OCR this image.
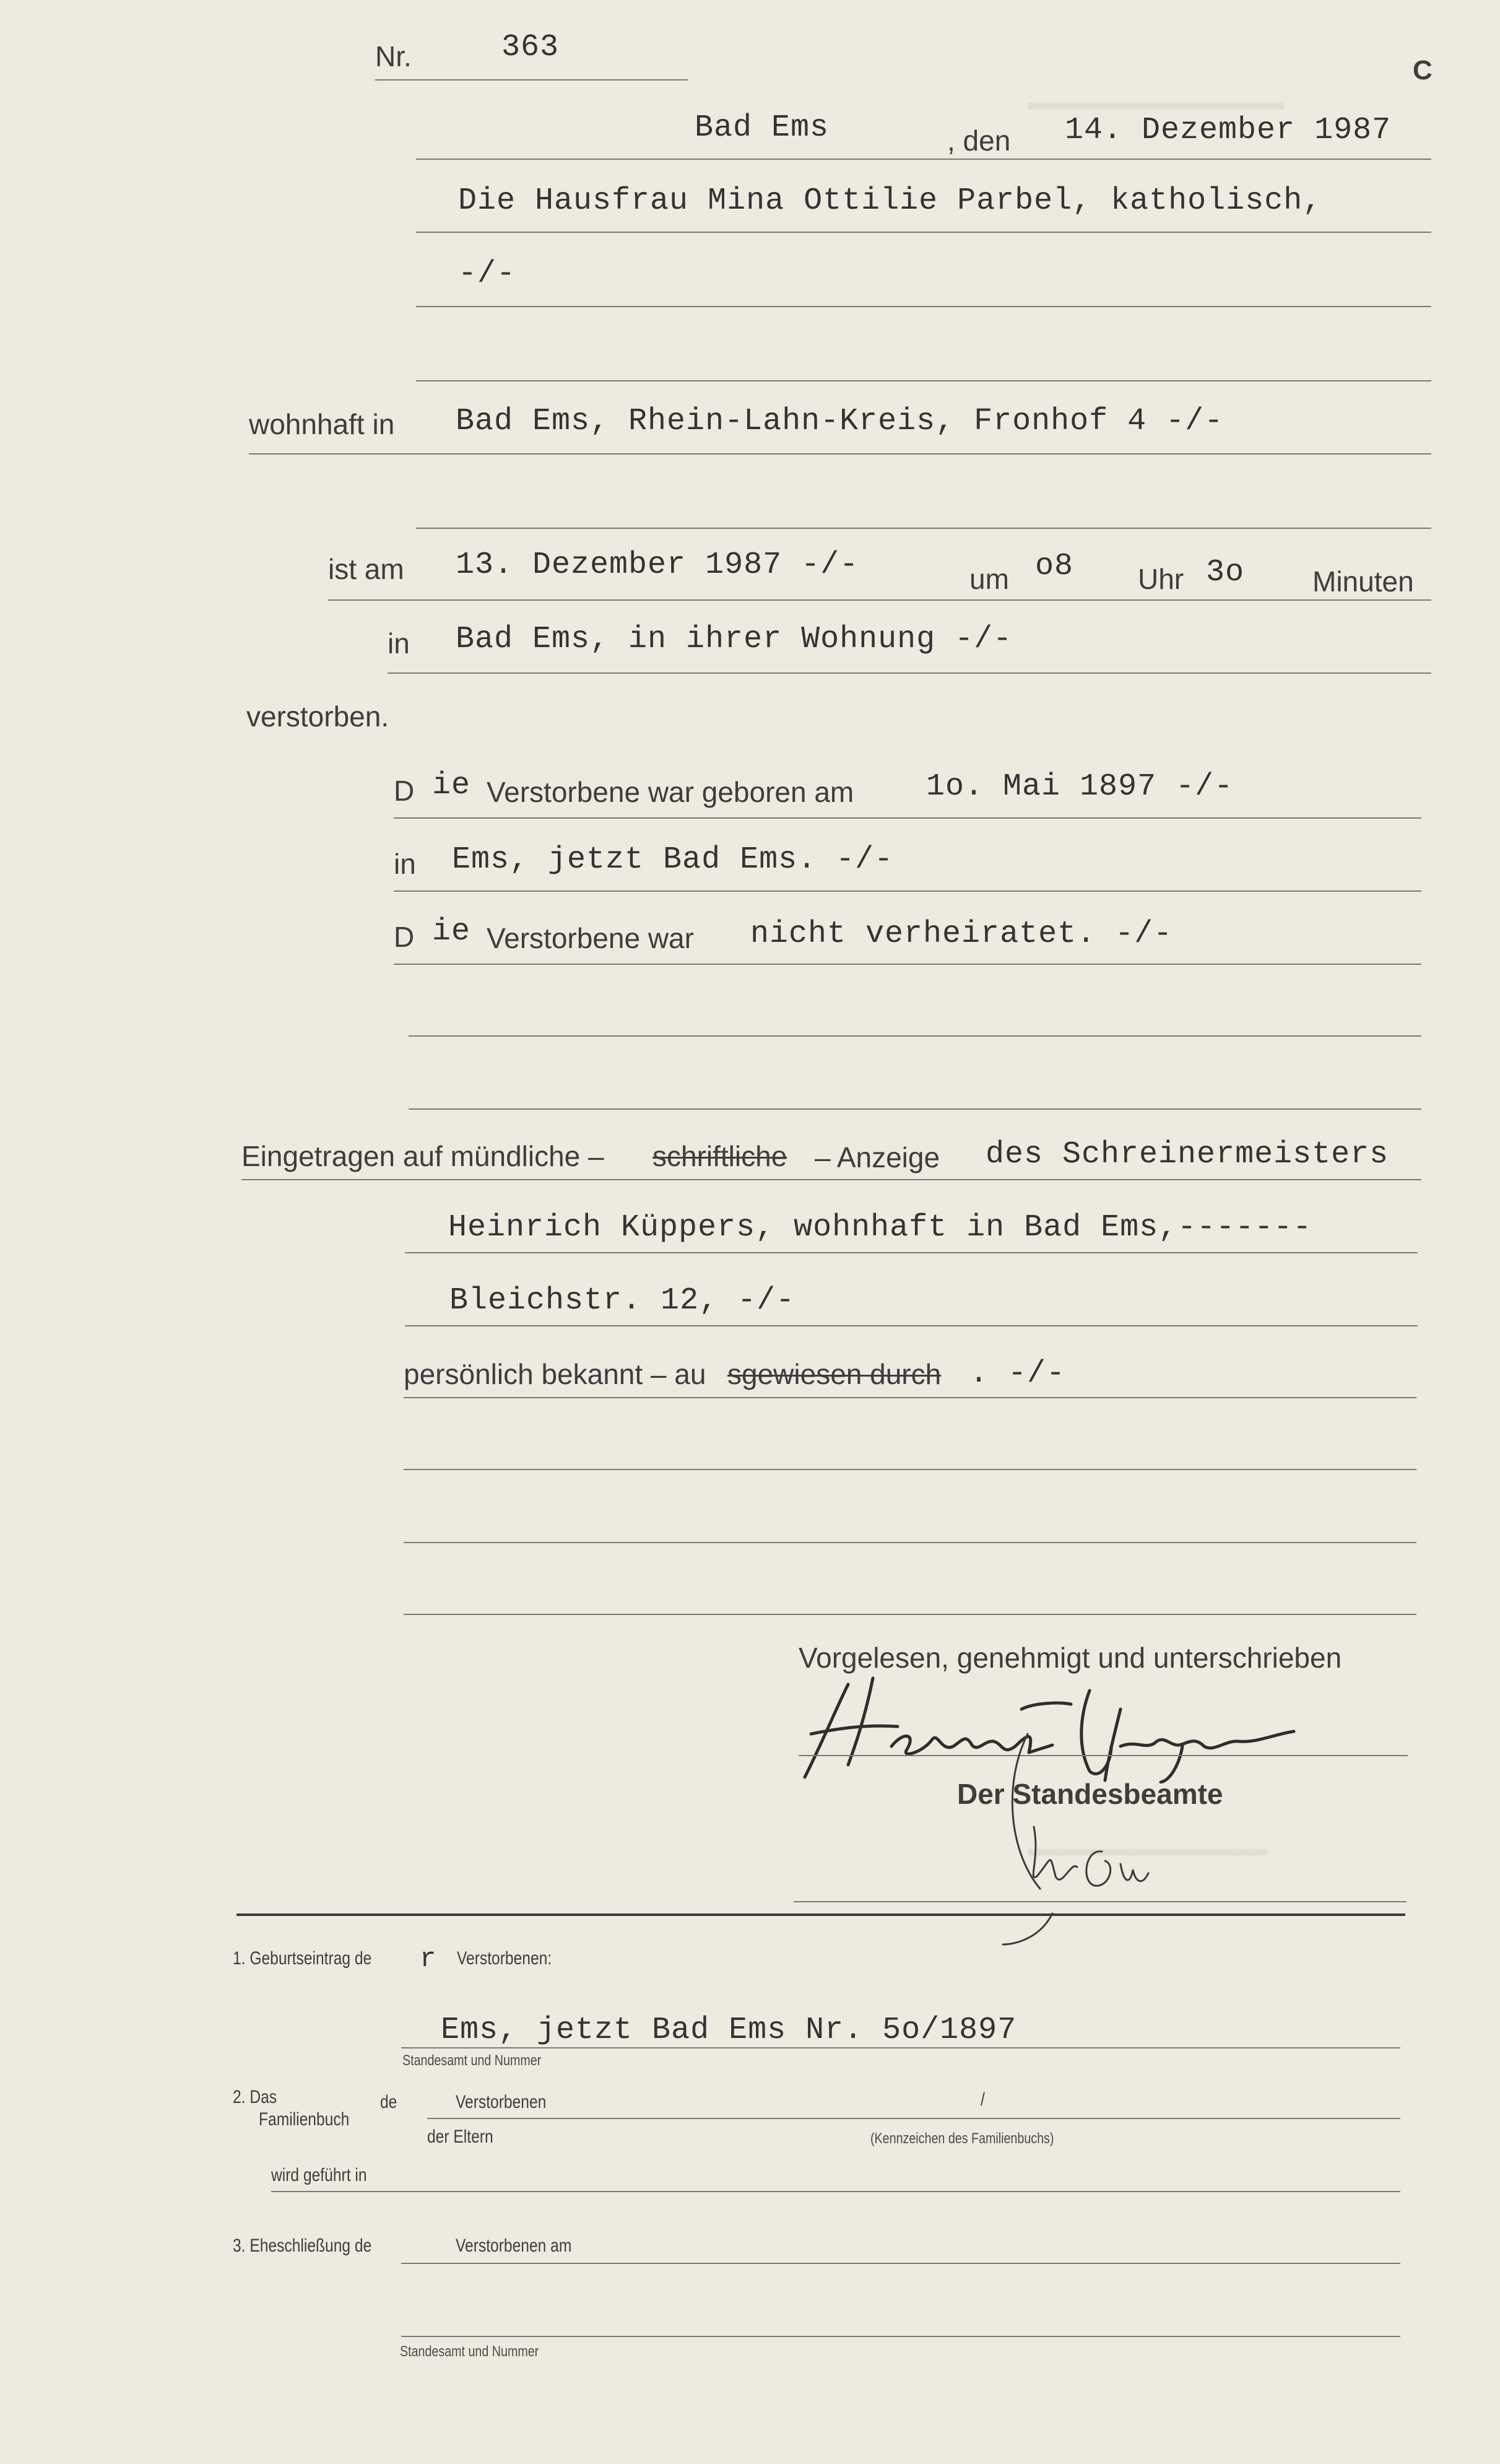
▬▬▬▬▬▬▬▬▬▬▬▬▬▬▬
▬▬▬▬▬▬▬▬▬▬▬▬▬▬
Nr.	363
C
Bad Ems	, den 14. Dezember 1987
Die Hausfrau Mina Ottilie Parbel, katholisch,
-/-
wohnhaft in Bad Ems, Rhein-Lahn-Kreis, Fronhof 4 -/-
ist am 13. Dezember 1987 -/-	um o8 Uhr 3o Minuten
in Bad Ems, in ihrer Wohnung -/-
verstorben.
D ie Verstorbene war geboren am 1o. Mai 1897 -/-
in Ems, jetzt Bad Ems. -/-
D ie Verstorbene war nicht verheiratet. -/-
Eingetragen auf mündliche – schriftliche – Anzeige des Schreinermeisters
Heinrich Küppers, wohnhaft in Bad Ems,-------
Bleichstr. 12, -/-
persönlich bekannt – au sgewiesen durch . -/-
Vorgelesen, genehmigt und unterschrieben
Der Standesbeamte
1. Geburtseintrag de r Verstorbenen:
Ems, jetzt Bad Ems Nr. 5o/1897
Standesamt und Nummer
2. Das
Familienbuch
de	Verstorbenen	/
der Eltern	(Kennzeichen des Familienbuchs)
wird geführt in
3. Eheschließung de	Verstorbenen am
Standesamt und Nummer
